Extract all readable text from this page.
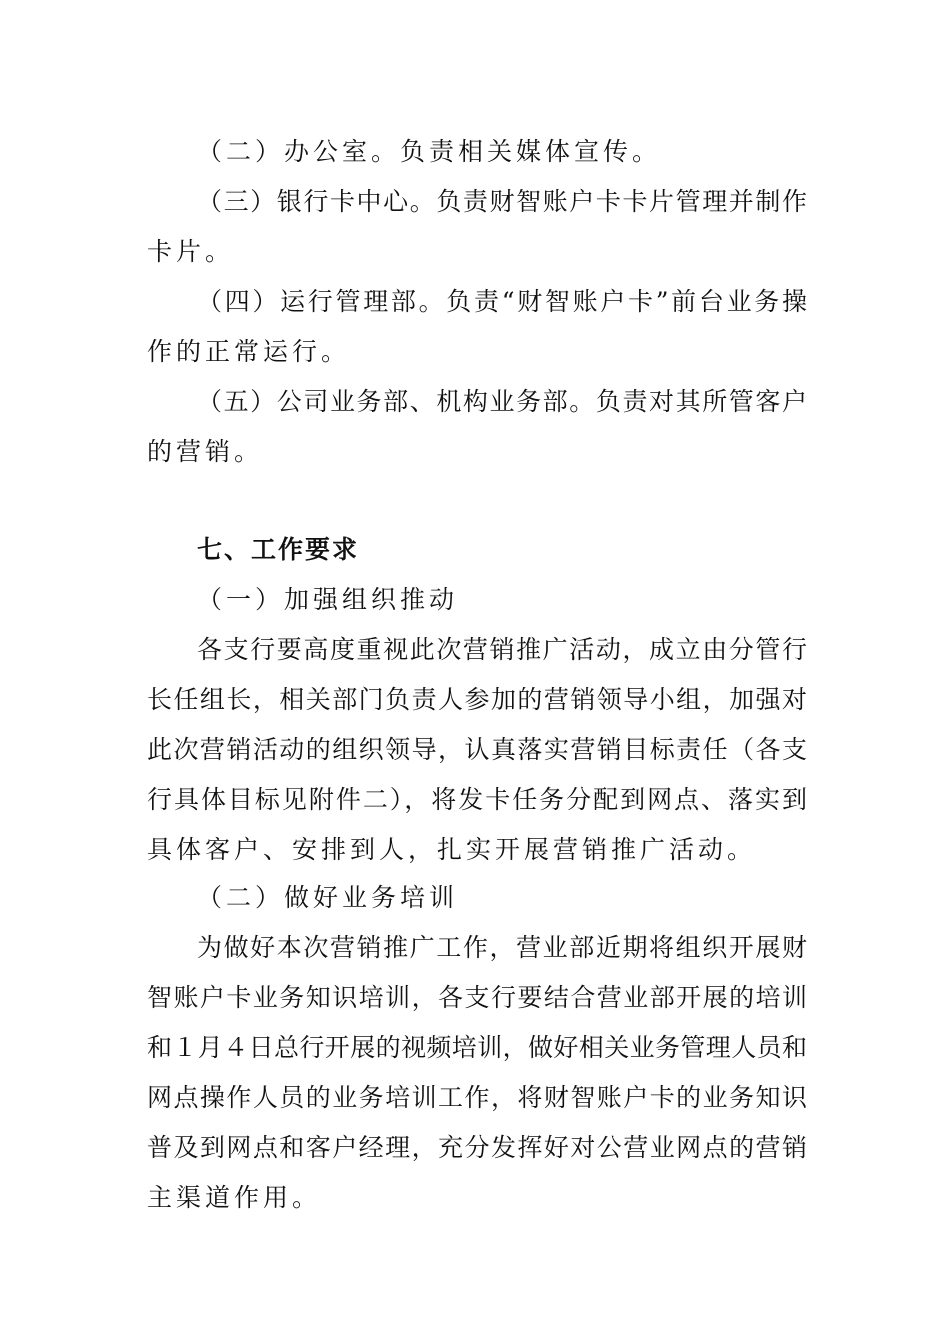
（二）办公室。负责相关媒体宣传。
（三）银行卡中心。负责财智账户卡卡片管理并制作
卡片。
（四）运行管理部。负责“财智账户卡”前台业务操
作的正常运行。
（五）公司业务部、机构业务部。负责对其所管客户
的营销。
七、工作要求
（一）加强组织推动
各支行要高度重视此次营销推广活动，成立由分管行
长任组长，相关部门负责人参加的营销领导小组，加强对
此次营销活动的组织领导，认真落实营销目标责任（各支
行具体目标见附件二），将发卡任务分配到网点、落实到
具体客户、安排到人，扎实开展营销推广活动。
（二）做好业务培训
为做好本次营销推广工作，营业部近期将组织开展财
智账户卡业务知识培训，各支行要结合营业部开展的培训
和１月４日总行开展的视频培训，做好相关业务管理人员和
网点操作人员的业务培训工作，将财智账户卡的业务知识
普及到网点和客户经理，充分发挥好对公营业网点的营销
主渠道作用。
